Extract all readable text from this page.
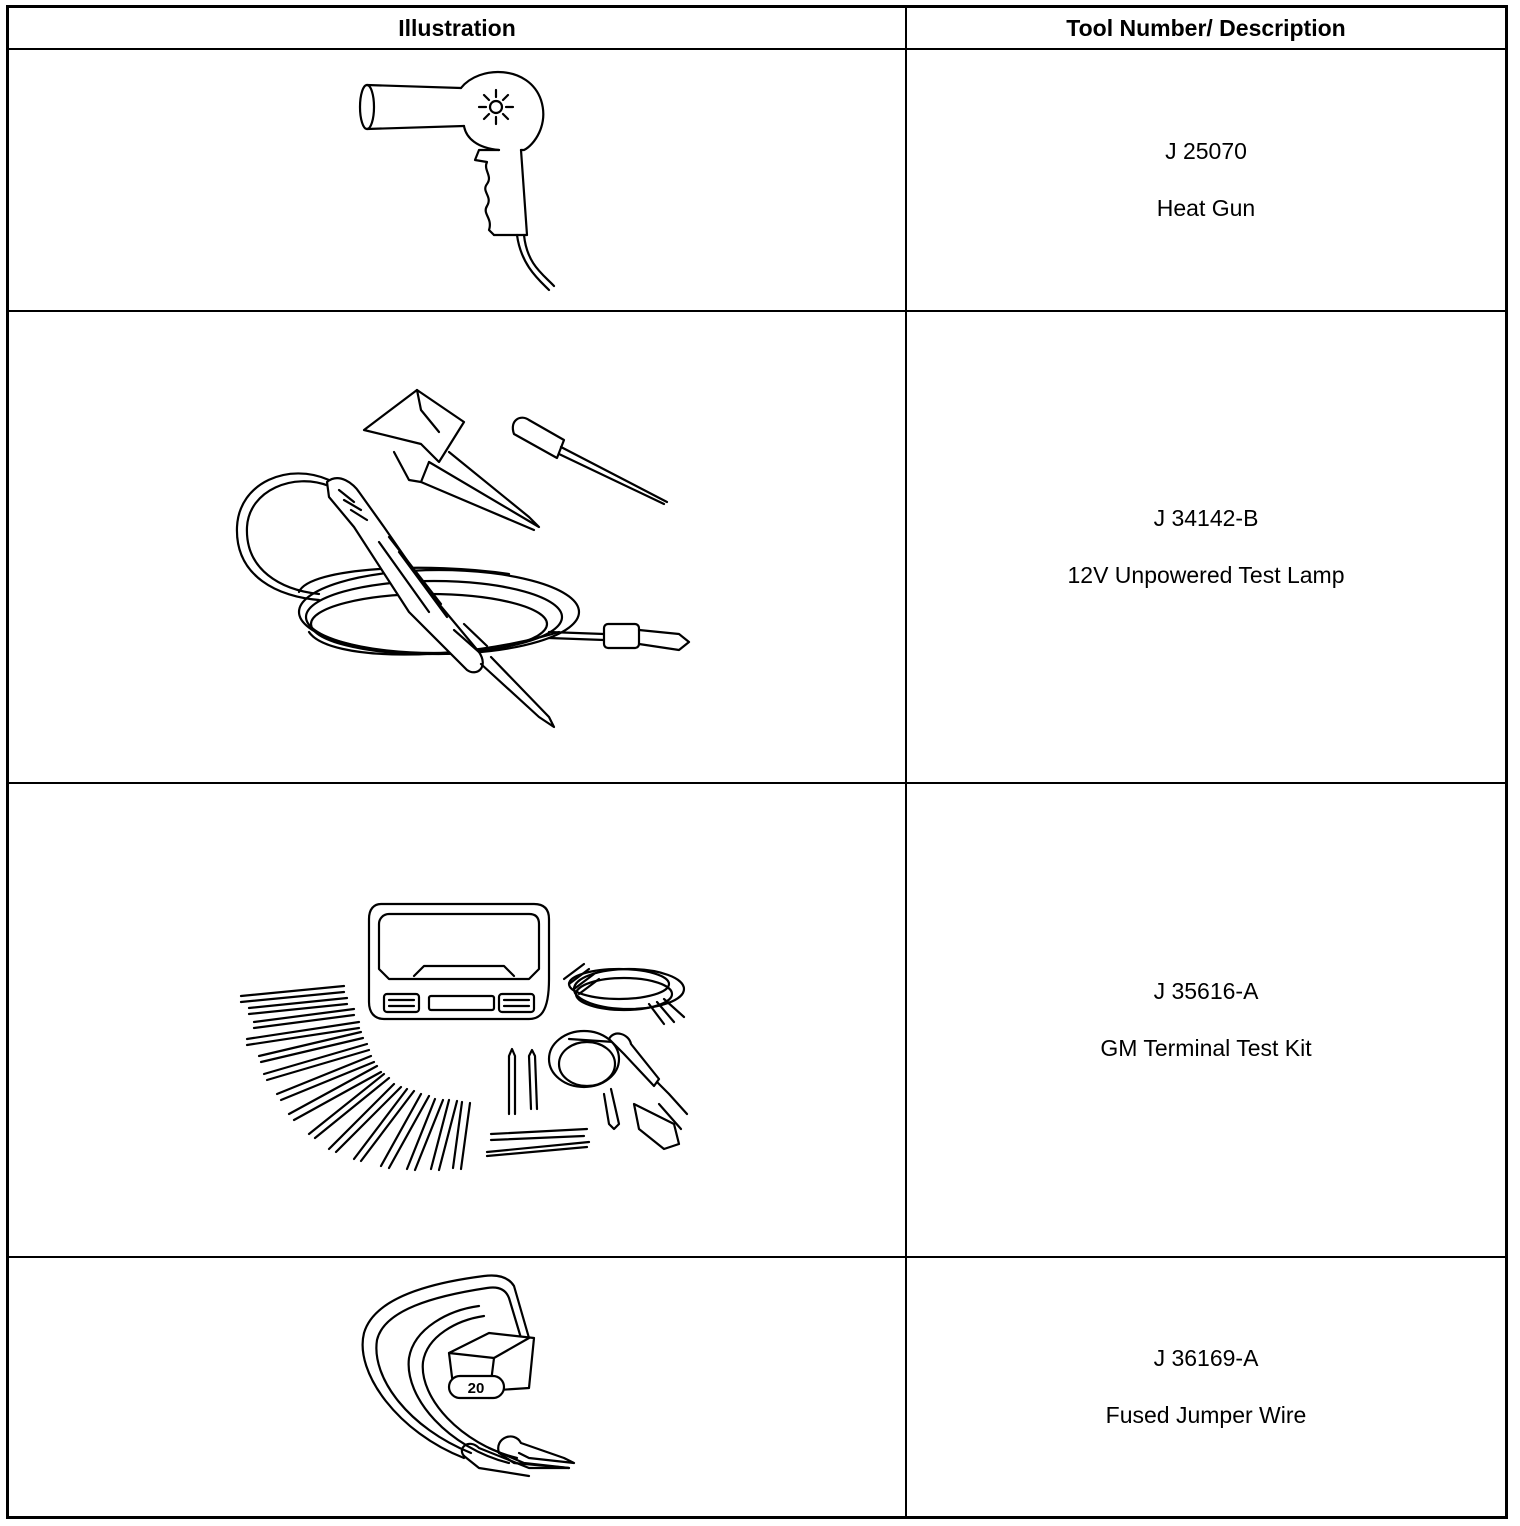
Illustration	Tool Number/ Description
J 25070
Heat Gun
J 34142-B
12V Unpowered Test Lamp
J 35616-A
GM Terminal Test Kit
20
J 36169-A
Fused Jumper Wire
